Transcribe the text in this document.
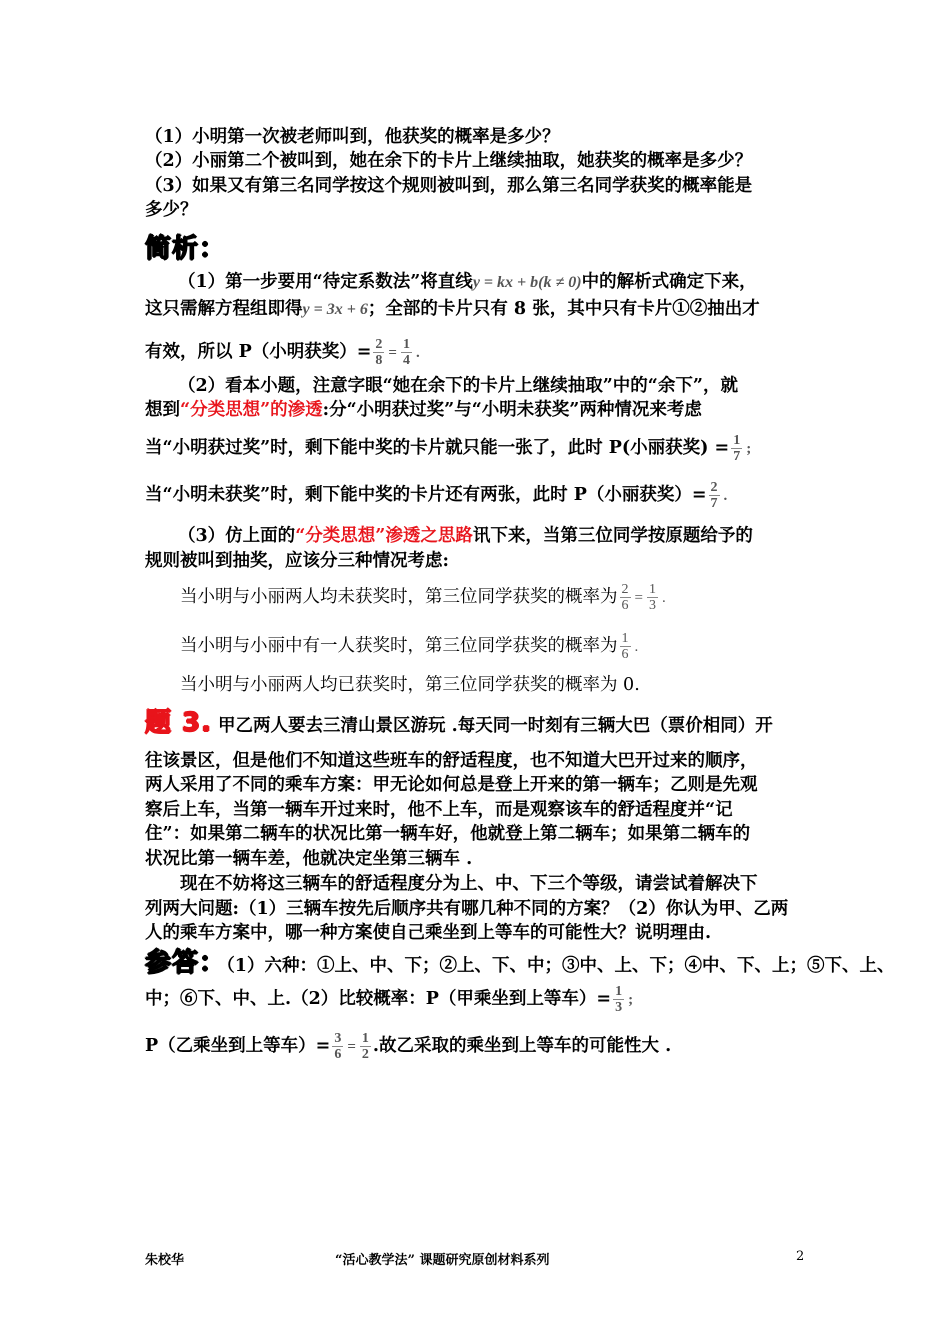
（1）小明第一次被老师叫到，他获奖的概率是多少？
（2）小丽第二个被叫到，她在余下的卡片上继续抽取，她获奖的概率是多少？
（3）如果又有第三名同学按这个规则被叫到，那么第三名同学获奖的概率能是
多少？
简析：
（1）第一步要用“待定系数法”将直线y = kx + b(k ≠ 0)中的解析式确定下来，
这只需解方程组即得y = 3x + 6；全部的卡片只有 8 张，其中只有卡片①②抽出才
有效，所以 P（小明获奖）= $\frac{2}{8} = \frac{1}{4}$ .
（2）看本小题，注意字眼“她在余下的卡片上继续抽取”中的“余下”，就
想到“分类思想”的渗透:分“小明获过奖”与“小明未获奖”两种情况来考虑
当“小明获过奖”时，剩下能中奖的卡片就只能一张了，此时 P(小丽获奖) = $\frac{1}{7}$ ;
当“小明未获奖”时，剩下能中奖的卡片还有两张，此时 P（小丽获奖）= $\frac{2}{7}$ .
（3）仿上面的“分类思想”渗透之思路讯下来，当第三位同学按原题给予的
规则被叫到抽奖，应该分三种情况考虑:
当小明与小丽两人均未获奖时，第三位同学获奖的概率为 $\frac{2}{6} = \frac{1}{3}$ .
当小明与小丽中有一人获奖时，第三位同学获奖的概率为 $\frac{1}{6}$ .
当小明与小丽两人均已获奖时，第三位同学获奖的概率为 0.
题 3. 甲乙两人要去三清山景区游玩 .每天同一时刻有三辆大巴（票价相同）开
往该景区，但是他们不知道这些班车的舒适程度，也不知道大巴开过来的顺序，
两人采用了不同的乘车方案：甲无论如何总是登上开来的第一辆车；乙则是先观
察后上车，当第一辆车开过来时，他不上车，而是观察该车的舒适程度并“记
住”：如果第二辆车的状况比第一辆车好，他就登上第二辆车；如果第二辆车的
状况比第一辆车差，他就决定坐第三辆车 .
现在不妨将这三辆车的舒适程度分为上、中、下三个等级，请尝试着解决下
列两大问题:（1）三辆车按先后顺序共有哪几种不同的方案？（2）你认为甲、乙两
人的乘车方案中，哪一种方案使自己乘坐到上等车的可能性大？说明理由.
参答：（1）六种：①上、中、下；②上、下、中；③中、上、下；④中、下、上；⑤下、上、
中；⑥下、中、上.（2）比较概率：P（甲乘坐到上等车）= $\frac{1}{3}$ ;
P（乙乘坐到上等车）= $\frac{3}{6} = \frac{1}{2}$ .故乙采取的乘坐到上等车的可能性大 .
朱校华	“活心教学法” 课题研究原创材料系列	2
